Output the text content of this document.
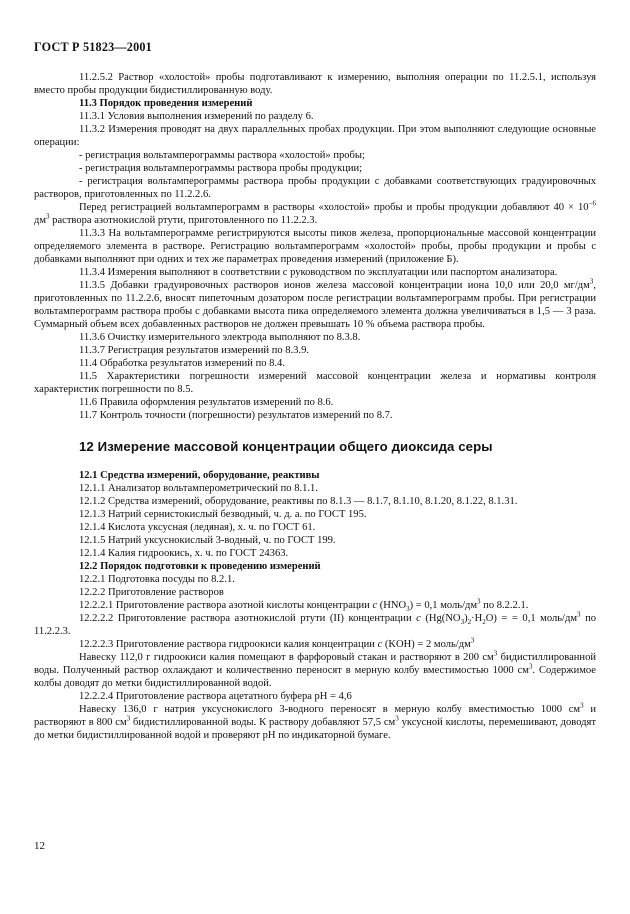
ГОСТ Р 51823—2001

11.2.5.2 Раствор «холостой» пробы подготавливают к измерению, выполняя операции по 11.2.5.1, используя вместо пробы продукции бидистиллированную воду.

11.3 Порядок проведения измерений

11.3.1 Условия выполнения измерений по разделу 6.

11.3.2 Измерения проводят на двух параллельных пробах продукции. При этом выполняют следующие основные операции:

- регистрация вольтамперограммы раствора «холостой» пробы;

- регистрация вольтамперограммы раствора пробы продукции;

- регистрация вольтамперограммы раствора пробы продукции с добавками соответствующих градуировочных растворов, приготовленных по 11.2.2.6.

Перед регистрацией вольтамперограмм в растворы «холостой» пробы и пробы продукции добавляют $40 \times 10^{-6}$ $дм^3$ раствора азотнокислой ртути, приготовленного по 11.2.2.3.

11.3.3 На вольтамперограмме регистрируются высоты пиков железа, пропорциональные массовой концентрации определяемого элемента в растворе. Регистрацию вольтамперограмм «холостой» пробы, пробы продукции и пробы с добавками выполняют при одних и тех же параметрах проведения измерений (приложение Б).

11.3.4 Измерения выполняют в соответствии с руководством по эксплуатации или паспортом анализатора.

11.3.5 Добавки градуировочных растворов ионов железа массовой концентрации иона 10,0 или 20,0 $мг/дм^3$, приготовленных по 11.2.2.6, вносят пипеточным дозатором после регистрации вольтамперограмм пробы. При регистрации вольтамперограмм раствора пробы с добавками высота пика определяемого элемента должна увеличиваться в 1,5 — 3 раза. Суммарный объем всех добавленных растворов не должен превышать 10 % объема раствора пробы.

11.3.6 Очистку измерительного электрода выполняют по 8.3.8.

11.3.7 Регистрация результатов измерений по 8.3.9.

11.4 Обработка результатов измерений по 8.4.

11.5 Характеристики погрешности измерений массовой концентрации железа и нормативы контроля характеристик погрешности по 8.5.

11.6 Правила оформления результатов измерений по 8.6.

11.7 Контроль точности (погрешности) результатов измерений по 8.7.

12 Измерение массовой концентрации общего диоксида серы

12.1 Средства измерений, оборудование, реактивы

12.1.1 Анализатор вольтамперометрический по 8.1.1.

12.1.2 Средства измерений, оборудование, реактивы по 8.1.3 — 8.1.7, 8.1.10, 8.1.20, 8.1.22, 8.1.31.

12.1.3 Натрий сернистокислый безводный, ч. д. а. по ГОСТ 195.

12.1.4 Кислота уксусная (ледяная), х. ч. по ГОСТ 61.

12.1.5 Натрий уксуснокислый 3-водный, ч. по ГОСТ 199.

12.1.4 Калия гидроокись, х. ч. по ГОСТ 24363.

12.2 Порядок подготовки к проведению измерений

12.2.1 Подготовка посуды по 8.2.1.

12.2.2 Приготовление растворов

12.2.2.1 Приготовление раствора азотной кислоты концентрации c $(HNO_3) = 0,1$ моль/$дм^3$ по 8.2.2.1.

12.2.2.2 Приготовление раствора азотнокислой ртути (II) концентрации c $(Hg(NO_3)_2\cdot H_2O)$ = = 0,1 моль/$дм^3$ по 11.2.2.3.

12.2.2.3 Приготовление раствора гидроокиси калия концентрации c (KOH) = 2 моль/$дм^3$

Навеску 112,0 г гидроокиси калия помещают в фарфоровый стакан и растворяют в 200 $см^3$ бидистиллированной воды. Полученный раствор охлаждают и количественно переносят в мерную колбу вместимостью 1000 $см^3$. Содержимое колбы доводят до метки бидистиллированной водой.

12.2.2.4 Приготовление раствора ацетатного буфера pH = 4,6

Навеску 136,0 г натрия уксуснокислого 3-водного переносят в мерную колбу вместимостью 1000 $см^3$ и растворяют в 800 $см^3$ бидистиллированной воды. К раствору добавляют 57,5 $см^3$ уксусной кислоты, перемешивают, доводят до метки бидистиллированной водой и проверяют pH по индикаторной бумаге.

12
